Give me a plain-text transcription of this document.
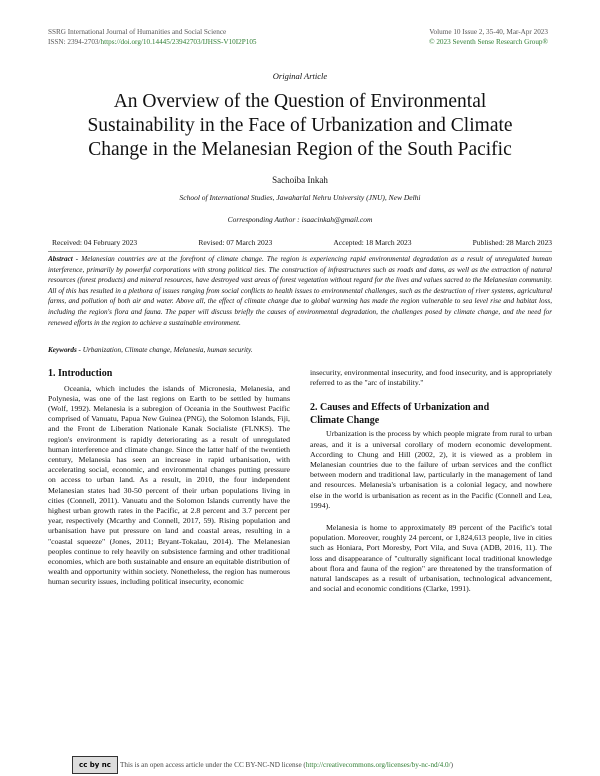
SSRG International Journal of Humanities and Social Science
ISSN: 2394-2703/https://doi.org/10.14445/23942703/IJHSS-V10I2P105
Volume 10 Issue 2, 35-40, Mar-Apr 2023
© 2023 Seventh Sense Research Group®
Original Article
An Overview of the Question of Environmental
Sustainability in the Face of Urbanization and Climate
Change in the Melanesian Region of the South Pacific
Sachoiba Inkah
School of International Studies, Jawaharlal Nehru University (JNU), New Delhi
Corresponding Author : isaacinkah@gmail.com
Received: 04 February 2023	Revised: 07 March 2023	Accepted: 18 March 2023	Published: 28 March 2023
Abstract - Melanesian countries are at the forefront of climate change. The region is experiencing rapid environmental degradation as a result of unregulated human interference, primarily by powerful corporations with strong political ties. The construction of infrastructures such as roads and dams, as well as the extraction of natural resources (forest products) and mineral resources, have destroyed vast areas of forest vegetation without regard for the lives and values sacred to the Melanesian community. All of this has resulted in a plethora of issues ranging from social conflicts to health issues to environmental challenges, such as the destruction of river systems, agricultural farms, and pollution of both air and water. Above all, the effect of climate change due to global warming has made the region vulnerable to sea level rise and habitat loss, including the region's flora and fauna. The paper will discuss briefly the causes of environmental degradation, the challenges posed by climate change, and the need for renewed efforts in the region to achieve a sustainable environment.
Keywords - Urbanization, Climate change, Melanesia, human security.
1. Introduction

Oceania, which includes the islands of Micronesia, Melanesia, and Polynesia, was one of the last regions on Earth to be settled by humans (Wolf, 1992). Melanesia is a subregion of Oceania in the Southwest Pacific comprised of Vanuatu, Papua New Guinea (PNG), the Solomon Islands, Fiji, and the Front de Liberation Nationale Kanak Socialiste (FLNKS). The region's environment is rapidly deteriorating as a result of unregulated human interference and climate change. Since the latter half of the twentieth century, Melanesia has seen an increase in rapid urbanisation, with accelerating social, economic, and environmental changes putting pressure on access to urban land. As a result, in 2010, the four independent Melanesian states had 30-50 percent of their urban populations living in cities (Connell, 2011). Vanuatu and the Solomon Islands currently have the highest urban growth rates in the Pacific, at 2.8 percent and 3.7 percent per year, respectively (Mcarthy and Connell, 2017, 59). Rising population and urbanisation have put pressure on land and coastal areas, resulting in a "coastal squeeze" (Jones, 2011; Bryant-Tokalau, 2014). The Melanesian peoples continue to rely heavily on subsistence farming and other traditional economies, which are both sustainable and ensure an equitable distribution of wealth and opportunity within society. Nonetheless, the region has numerous human security issues, including political insecurity, economic

insecurity, environmental insecurity, and food insecurity, and is appropriately referred to as the "arc of instability."

2. Causes and Effects of Urbanization and
Climate Change

Urbanization is the process by which people migrate from rural to urban areas, and it is a universal corollary of modern economic development. According to Chung and Hill (2002, 2), it is viewed as a problem in Melanesian countries due to the failure of urban services and the conflict between modern and traditional law, particularly in the management of land and resources. Melanesia's urbanisation is a colonial legacy, and nowhere else in the world is urbanisation as recent as in the Pacific (Connell and Lea, 1994).

Melanesia is home to approximately 89 percent of the Pacific's total population. Moreover, roughly 24 percent, or 1,824,613 people, live in cities such as Honiara, Port Moresby, Port Vila, and Suva (ADB, 2016, 11). The loss and disappearance of "culturally significant local traditional knowledge about flora and fauna of the region" are threatened by the transformation of natural landscapes as a result of urbanisation, technological advancement, and social and economic conditions (Clarke, 1991).

cc by nc	This is an open access article under the CC BY-NC-ND license ( http://creativecommons.org/licenses/by-nc-nd/4.0/ )
